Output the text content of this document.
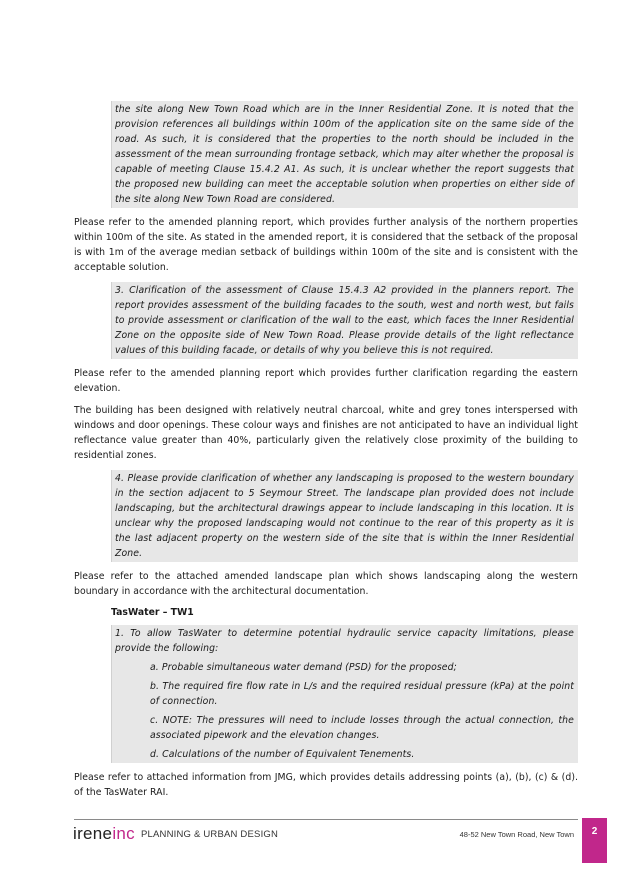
the site along New Town Road which are in the Inner Residential Zone. It is noted that the provision references all buildings within 100m of the application site on the same side of the road. As such, it is considered that the properties to the north should be included in the assessment of the mean surrounding frontage setback, which may alter whether the proposal is capable of meeting Clause 15.4.2 A1. As such, it is unclear whether the report suggests that the proposed new building can meet the acceptable solution when properties on either side of the site along New Town Road are considered.

Please refer to the amended planning report, which provides further analysis of the northern properties within 100m of the site. As stated in the amended report, it is considered that the setback of the proposal is with 1m of the average median setback of buildings within 100m of the site and is consistent with the acceptable solution.

3. Clarification of the assessment of Clause 15.4.3 A2 provided in the planners report. The report provides assessment of the building facades to the south, west and north west, but fails to provide assessment or clarification of the wall to the east, which faces the Inner Residential Zone on the opposite side of New Town Road. Please provide details of the light reflectance values of this building facade, or details of why you believe this is not required.

Please refer to the amended planning report which provides further clarification regarding the eastern elevation.

The building has been designed with relatively neutral charcoal, white and grey tones interspersed with windows and door openings. These colour ways and finishes are not anticipated to have an individual light reflectance value greater than 40%, particularly given the relatively close proximity of the building to residential zones.

4. Please provide clarification of whether any landscaping is proposed to the western boundary in the section adjacent to 5 Seymour Street. The landscape plan provided does not include landscaping, but the architectural drawings appear to include landscaping in this location. It is unclear why the proposed landscaping would not continue to the rear of this property as it is the last adjacent property on the western side of the site that is within the Inner Residential Zone.

Please refer to the attached amended landscape plan which shows landscaping along the western boundary in accordance with the architectural documentation.

TasWater – TW1

1. To allow TasWater to determine potential hydraulic service capacity limitations, please provide the following:

a. Probable simultaneous water demand (PSD) for the proposed;

b. The required fire flow rate in L/s and the required residual pressure (kPa) at the point of connection.

c. NOTE: The pressures will need to include losses through the actual connection, the associated pipework and the elevation changes.

d. Calculations of the number of Equivalent Tenements.

Please refer to attached information from JMG, which provides details addressing points (a), (b), (c) & (d). of the TasWater RAI.

ireneinc PLANNING & URBAN DESIGN	48-52 New Town Road, New Town	2
